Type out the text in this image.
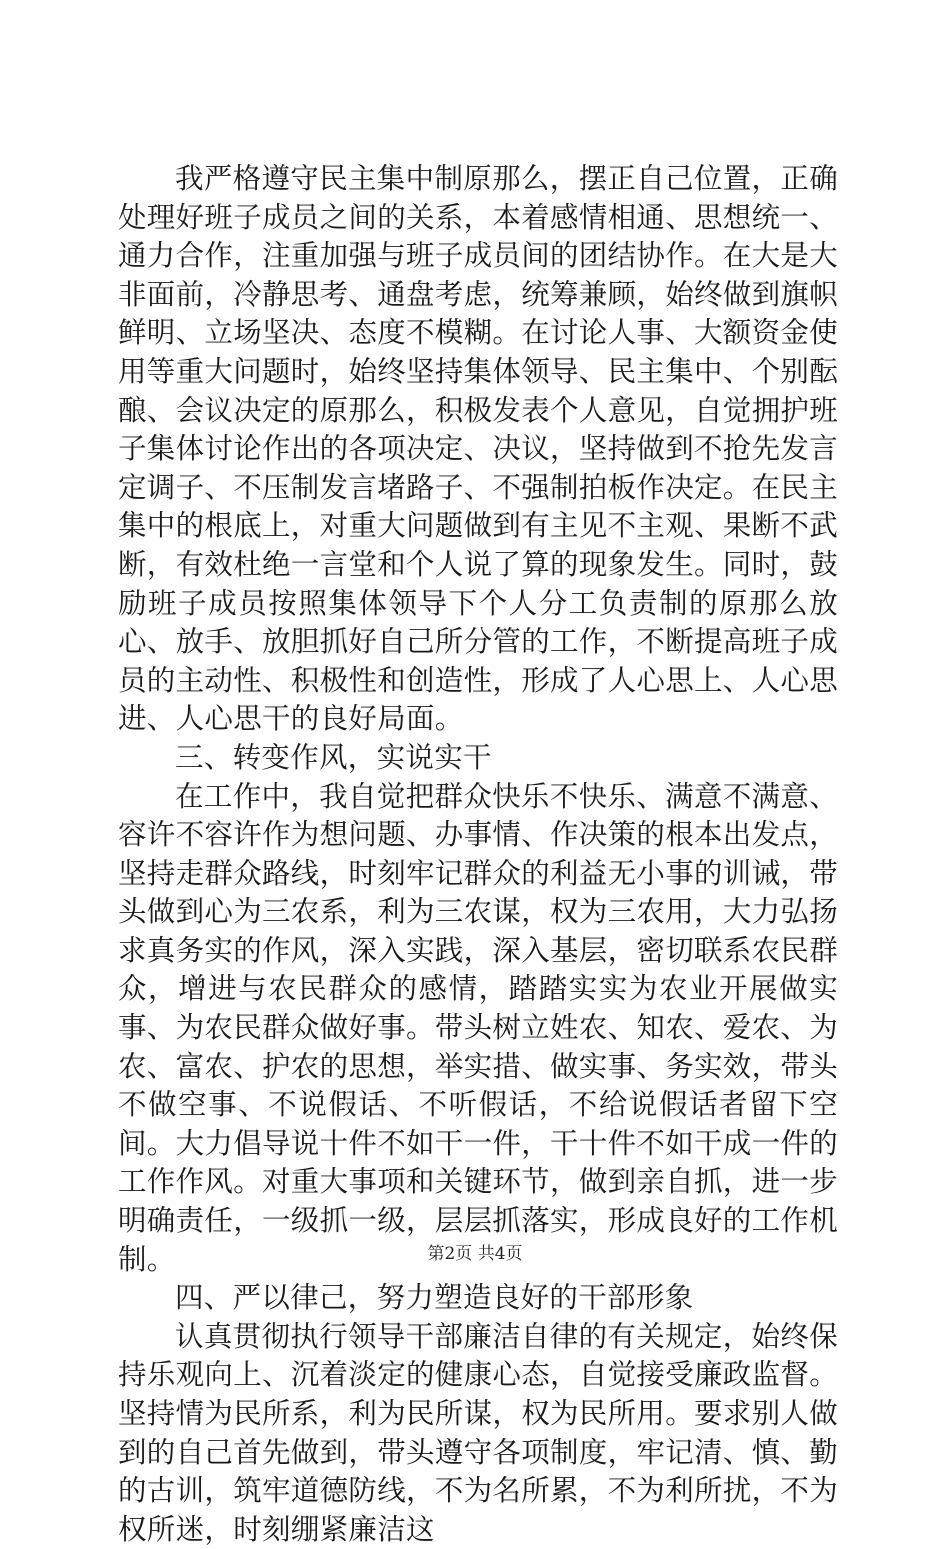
我严格遵守民主集中制原那么，摆正自己位置，正确处理好班子成员之间的关系，本着感情相通、思想统一、通力合作，注重加强与班子成员间的团结协作。在大是大非面前，冷静思考、通盘考虑，统筹兼顾，始终做到旗帜鲜明、立场坚决、态度不模糊。在讨论人事、大额资金使用等重大问题时，始终坚持集体领导、民主集中、个别酝酿、会议决定的原那么，积极发表个人意见，自觉拥护班子集体讨论作出的各项决定、决议，坚持做到不抢先发言定调子、不压制发言堵路子、不强制拍板作决定。在民主集中的根底上，对重大问题做到有主见不主观、果断不武断，有效杜绝一言堂和个人说了算的现象发生。同时，鼓励班子成员按照集体领导下个人分工负责制的原那么放心、放手、放胆抓好自己所分管的工作，不断提高班子成员的主动性、积极性和创造性，形成了人心思上、人心思进、人心思干的良好局面。

三、转变作风，实说实干

在工作中，我自觉把群众快乐不快乐、满意不满意、容许不容许作为想问题、办事情、作决策的根本出发点，坚持走群众路线，时刻牢记群众的利益无小事的训诫，带头做到心为三农系，利为三农谋，权为三农用，大力弘扬求真务实的作风，深入实践，深入基层，密切联系农民群众，增进与农民群众的感情，踏踏实实为农业开展做实事、为农民群众做好事。带头树立姓农、知农、爱农、为农、富农、护农的思想，举实措、做实事、务实效，带头不做空事、不说假话、不听假话，不给说假话者留下空间。大力倡导说十件不如干一件，干十件不如干成一件的工作作风。对重大事项和关键环节，做到亲自抓，进一步明确责任，一级抓一级，层层抓落实，形成良好的工作机制。

四、严以律己，努力塑造良好的干部形象

认真贯彻执行领导干部廉洁自律的有关规定，始终保持乐观向上、沉着淡定的健康心态，自觉接受廉政监督。坚持情为民所系，利为民所谋，权为民所用。要求别人做到的自己首先做到，带头遵守各项制度，牢记清、慎、勤的古训，筑牢道德防线，不为名所累，不为利所扰，不为权所迷，时刻绷紧廉洁这

第2页 共4页
